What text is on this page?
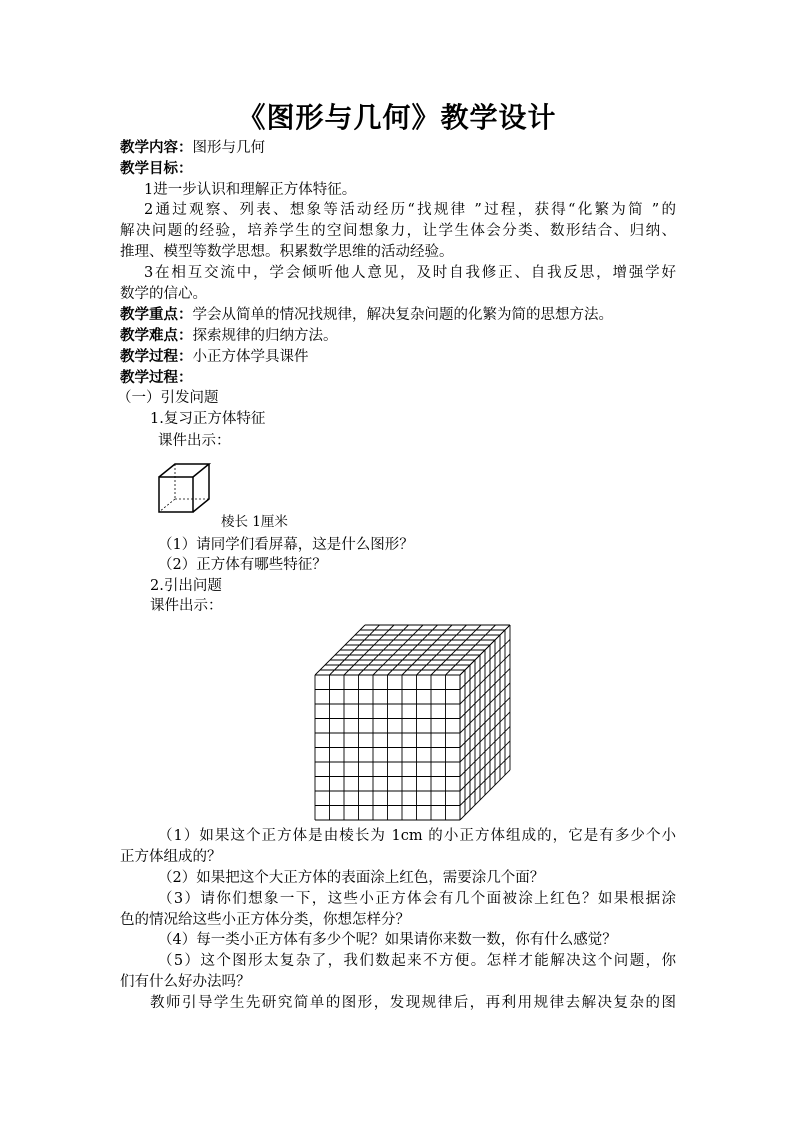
《图形与几何》教学设计
教学内容：图形与几何
教学目标：
1进一步认识和理解正方体特征。
2通过观察、列表、想象等活动经历“找规律 ”过程，获得“化繁为简 ”的
解决问题的经验，培养学生的空间想象力，让学生体会分类、数形结合、归纳、
推理、模型等数学思想。积累数学思维的活动经验。
3在相互交流中，学会倾听他人意见，及时自我修正、自我反思，增强学好
数学的信心。
教学重点：学会从简单的情况找规律，解决复杂问题的化繁为简的思想方法。
教学难点：探索规律的归纳方法。
教学过程：小正方体学具课件
教学过程：
（一）引发问题
1.复习正方体特征
课件出示：
棱长 1厘米
（1）请同学们看屏幕，这是什么图形？
（2）正方体有哪些特征？
2.引出问题
课件出示：
（1）如果这个正方体是由棱长为 1cm 的小正方体组成的，它是有多少个小
正方体组成的？
（2）如果把这个大正方体的表面涂上红色，需要涂几个面？
（3）请你们想象一下，这些小正方体会有几个面被涂上红色？如果根据涂
色的情况给这些小正方体分类，你想怎样分？
（4）每一类小正方体有多少个呢？如果请你来数一数，你有什么感觉？
（5）这个图形太复杂了，我们数起来不方便。怎样才能解决这个问题，你
们有什么好办法吗？
教师引导学生先研究简单的图形，发现规律后，再利用规律去解决复杂的图
